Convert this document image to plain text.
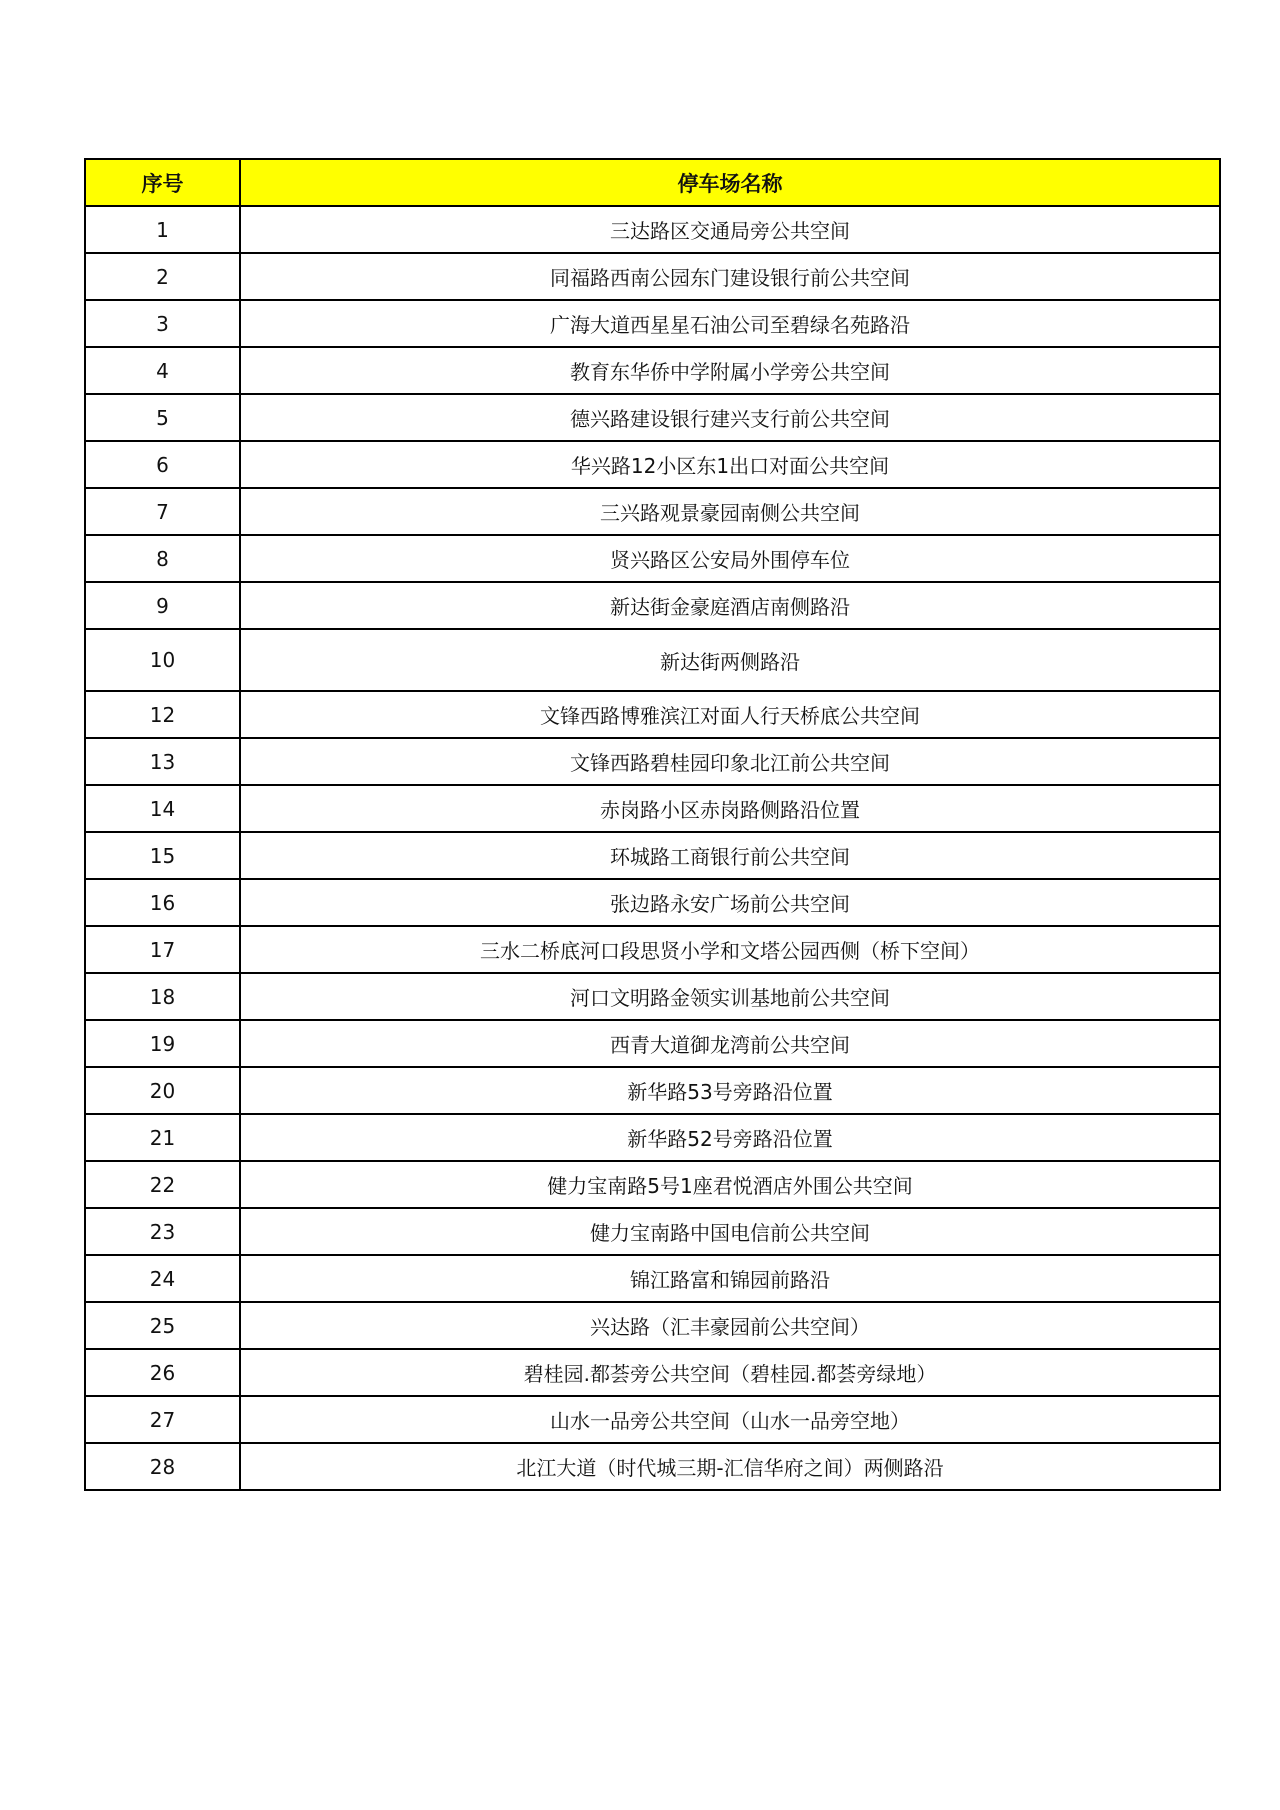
序号	停车场名称
1	三达路区交通局旁公共空间
2	同福路西南公园东门建设银行前公共空间
3	广海大道西星星石油公司至碧绿名苑路沿
4	教育东华侨中学附属小学旁公共空间
5	德兴路建设银行建兴支行前公共空间
6	华兴路12小区东1出口对面公共空间
7	三兴路观景豪园南侧公共空间
8	贤兴路区公安局外围停车位
9	新达街金豪庭酒店南侧路沿
10	新达街两侧路沿
12	文锋西路博雅滨江对面人行天桥底公共空间
13	文锋西路碧桂园印象北江前公共空间
14	赤岗路小区赤岗路侧路沿位置
15	环城路工商银行前公共空间
16	张边路永安广场前公共空间
17	三水二桥底河口段思贤小学和文塔公园西侧（桥下空间）
18	河口文明路金领实训基地前公共空间
19	西青大道御龙湾前公共空间
20	新华路53号旁路沿位置
21	新华路52号旁路沿位置
22	健力宝南路5号1座君悦酒店外围公共空间
23	健力宝南路中国电信前公共空间
24	锦江路富和锦园前路沿
25	兴达路（汇丰豪园前公共空间）
26	碧桂园.都荟旁公共空间（碧桂园.都荟旁绿地）
27	山水一品旁公共空间（山水一品旁空地）
28	北江大道（时代城三期-汇信华府之间）两侧路沿
